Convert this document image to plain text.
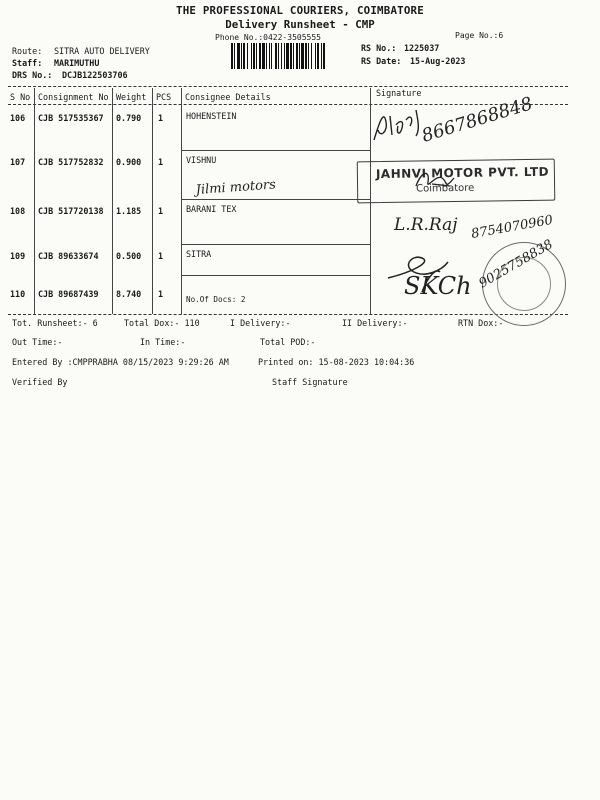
THE PROFESSIONAL COURIERS, COIMBATORE
Delivery Runsheet - CMP
Phone No.:0422-3505555	Page No.:6
Route: SITRA AUTO DELIVERY
Staff: MARIMUTHU
DRS No.: DCJB122503706
RS No.: 1225037
RS Date: 15-Aug-2023
S No Consignment No Weight PCS Consignee Details	Signature
106 CJB 517535367 0.790 1	HOHENSTEIN
107 CJB 517752832 0.900 1	VISHNU
108 CJB 517720138 1.185 1	BARANI TEX
109 CJB 89633674 0.500 1	SITRA
110 CJB 89687439 8.740 1
No.Of Docs: 2
Tot. Runsheet:- 6	Total Dox:- 110	I Delivery:-	II Delivery:-	RTN Dox:-
Out Time:-	In Time:-	Total POD:-
Entered By :CMPPRABHA 08/15/2023 9:29:26 AM	Printed on: 15-08-2023 10:04:36
Verified By	Staff Signature
JAHNVI MOTOR PVT. LTD
Coimbatore
8667868848
Jilmi motors
L.R.Raj 8754070960
SKCh 9025758838
